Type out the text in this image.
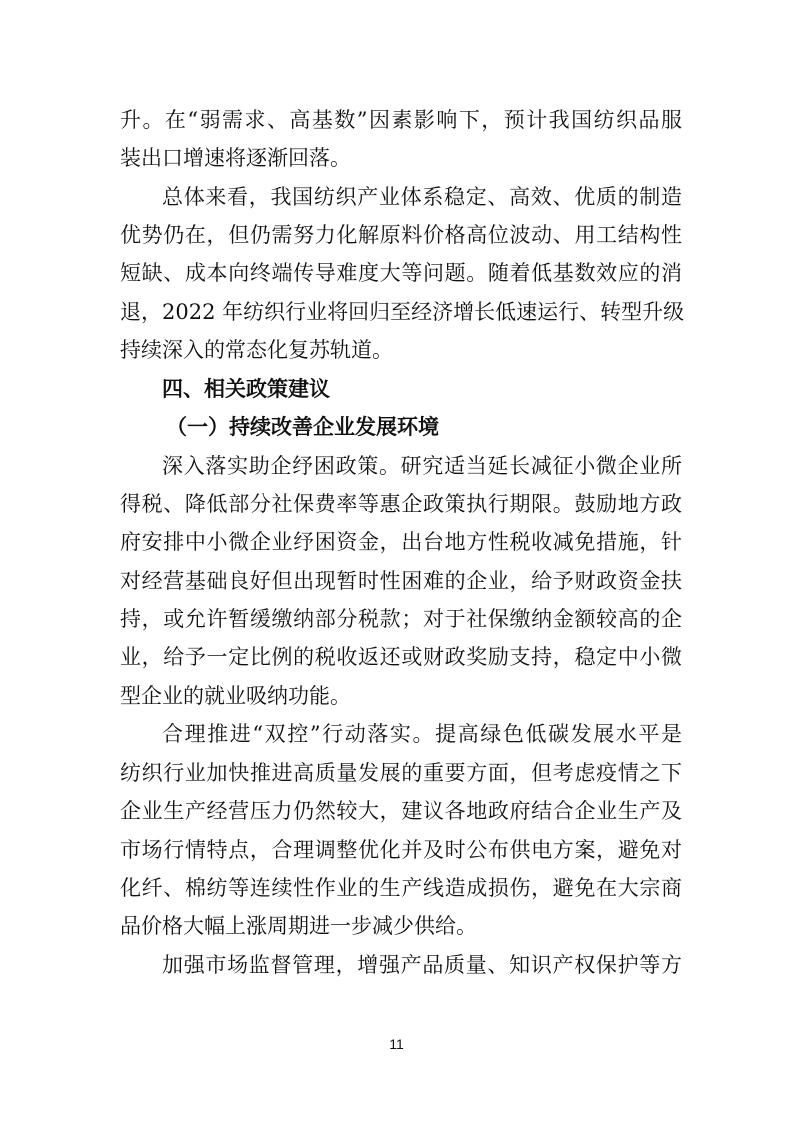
升。在“弱需求、高基数”因素影响下，预计我国纺织品服
装出口增速将逐渐回落。
总体来看，我国纺织产业体系稳定、高效、优质的制造
优势仍在，但仍需努力化解原料价格高位波动、用工结构性
短缺、成本向终端传导难度大等问题。随着低基数效应的消
退，2022 年纺织行业将回归至经济增长低速运行、转型升级
持续深入的常态化复苏轨道。
四、相关政策建议
（一）持续改善企业发展环境
深入落实助企纾困政策。研究适当延长减征小微企业所
得税、降低部分社保费率等惠企政策执行期限。鼓励地方政
府安排中小微企业纾困资金，出台地方性税收减免措施，针
对经营基础良好但出现暂时性困难的企业，给予财政资金扶
持，或允许暂缓缴纳部分税款；对于社保缴纳金额较高的企
业，给予一定比例的税收返还或财政奖励支持，稳定中小微
型企业的就业吸纳功能。
合理推进“双控”行动落实。提高绿色低碳发展水平是
纺织行业加快推进高质量发展的重要方面，但考虑疫情之下
企业生产经营压力仍然较大，建议各地政府结合企业生产及
市场行情特点，合理调整优化并及时公布供电方案，避免对
化纤、棉纺等连续性作业的生产线造成损伤，避免在大宗商
品价格大幅上涨周期进一步减少供给。
加强市场监督管理，增强产品质量、知识产权保护等方
11
